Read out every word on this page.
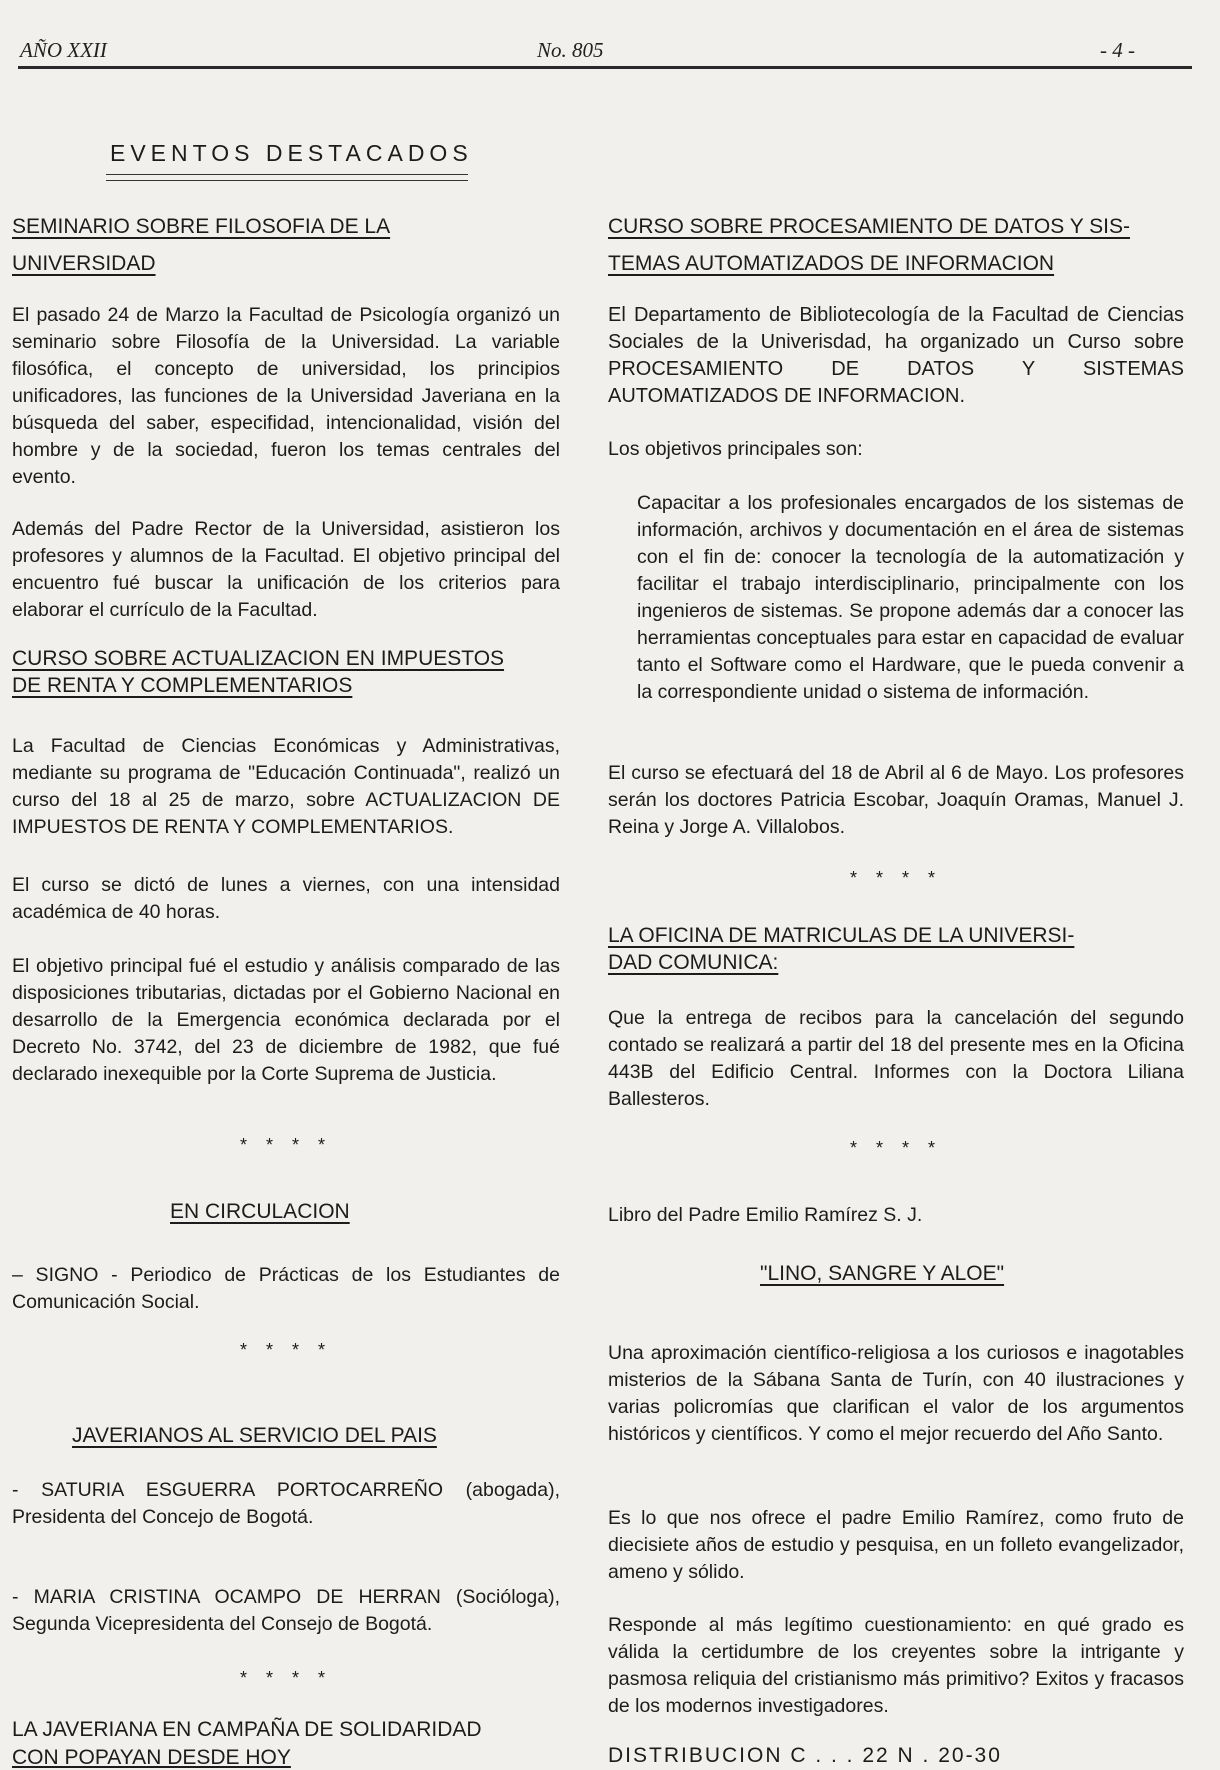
AÑO XXII	No. 805	- 4 -
EVENTOS DESTACADOS
SEMINARIO SOBRE FILOSOFIA DE LA
UNIVERSIDAD
El pasado 24 de Marzo la Facultad de Psicología organizó un seminario sobre Filosofía de la Universidad. La variable filosófica, el concepto de universidad, los principios unificadores, las funciones de la Universidad Javeriana en la búsqueda del saber, especifidad, intencionalidad, visión del hombre y de la sociedad, fueron los temas centrales del evento.
Además del Padre Rector de la Universidad, asistieron los profesores y alumnos de la Facultad. El objetivo principal del encuentro fué buscar la unificación de los criterios para elaborar el currículo de la Facultad.
CURSO SOBRE ACTUALIZACION EN IMPUESTOS
DE RENTA Y COMPLEMENTARIOS
La Facultad de Ciencias Económicas y Administrativas, mediante su programa de "Educación Continuada", realizó un curso del 18 al 25 de marzo, sobre ACTUALIZACION DE IMPUESTOS DE RENTA Y COMPLEMENTARIOS.
El curso se dictó de lunes a viernes, con una intensidad académica de 40 horas.
El objetivo principal fué el estudio y análisis comparado de las disposiciones tributarias, dictadas por el Gobierno Nacional en desarrollo de la Emergencia económica declarada por el Decreto No. 3742, del 23 de diciembre de 1982, que fué declarado inexequible por la Corte Suprema de Justicia.
* * * *
EN CIRCULACION
– SIGNO - Periodico de Prácticas de los Estudiantes de Comunicación Social.
* * * *
JAVERIANOS AL SERVICIO DEL PAIS
- SATURIA ESGUERRA PORTOCARREÑO (abogada), Presidenta del Concejo de Bogotá.
- MARIA CRISTINA OCAMPO DE HERRAN (Socióloga), Segunda Vicepresidenta del Consejo de Bogotá.
* * * *
LA JAVERIANA EN CAMPAÑA DE SOLIDARIDAD
CON POPAYAN DESDE HOY
CURSO SOBRE PROCESAMIENTO DE DATOS Y SIS-
TEMAS AUTOMATIZADOS DE INFORMACION
El Departamento de Bibliotecología de la Facultad de Ciencias Sociales de la Univerisdad, ha organizado un Curso sobre PROCESAMIENTO DE DATOS Y SISTEMAS AUTOMATIZADOS DE INFORMACION.
Los objetivos principales son:
Capacitar a los profesionales encargados de los sistemas de información, archivos y documentación en el área de sistemas con el fin de: conocer la tecnología de la automatización y facilitar el trabajo interdisciplinario, principalmente con los ingenieros de sistemas. Se propone además dar a conocer las herramientas conceptuales para estar en capacidad de evaluar tanto el Software como el Hardware, que le pueda convenir a la correspondiente unidad o sistema de información.
El curso se efectuará del 18 de Abril al 6 de Mayo. Los profesores serán los doctores Patricia Escobar, Joaquín Oramas, Manuel J. Reina y Jorge A. Villalobos.
* * * *
LA OFICINA DE MATRICULAS DE LA UNIVERSI-
DAD COMUNICA:
Que la entrega de recibos para la cancelación del segundo contado se realizará a partir del 18 del presente mes en la Oficina 443B del Edificio Central. Informes con la Doctora Liliana Ballesteros.
* * * *
Libro del Padre Emilio Ramírez S. J.
"LINO, SANGRE Y ALOE"
Una aproximación científico-religiosa a los curiosos e inagotables misterios de la Sábana Santa de Turín, con 40 ilustraciones y varias policromías que clarifican el valor de los argumentos históricos y científicos. Y como el mejor recuerdo del Año Santo.
Es lo que nos ofrece el padre Emilio Ramírez, como fruto de diecisiete años de estudio y pesquisa, en un folleto evangelizador, ameno y sólido.
Responde al más legítimo cuestionamiento: en qué grado es válida la certidumbre de los creyentes sobre la intrigante y pasmosa reliquia del cristianismo más primitivo? Exitos y fracasos de los modernos investigadores.
DISTRIBUCION C . . . 22 N . 20-30
